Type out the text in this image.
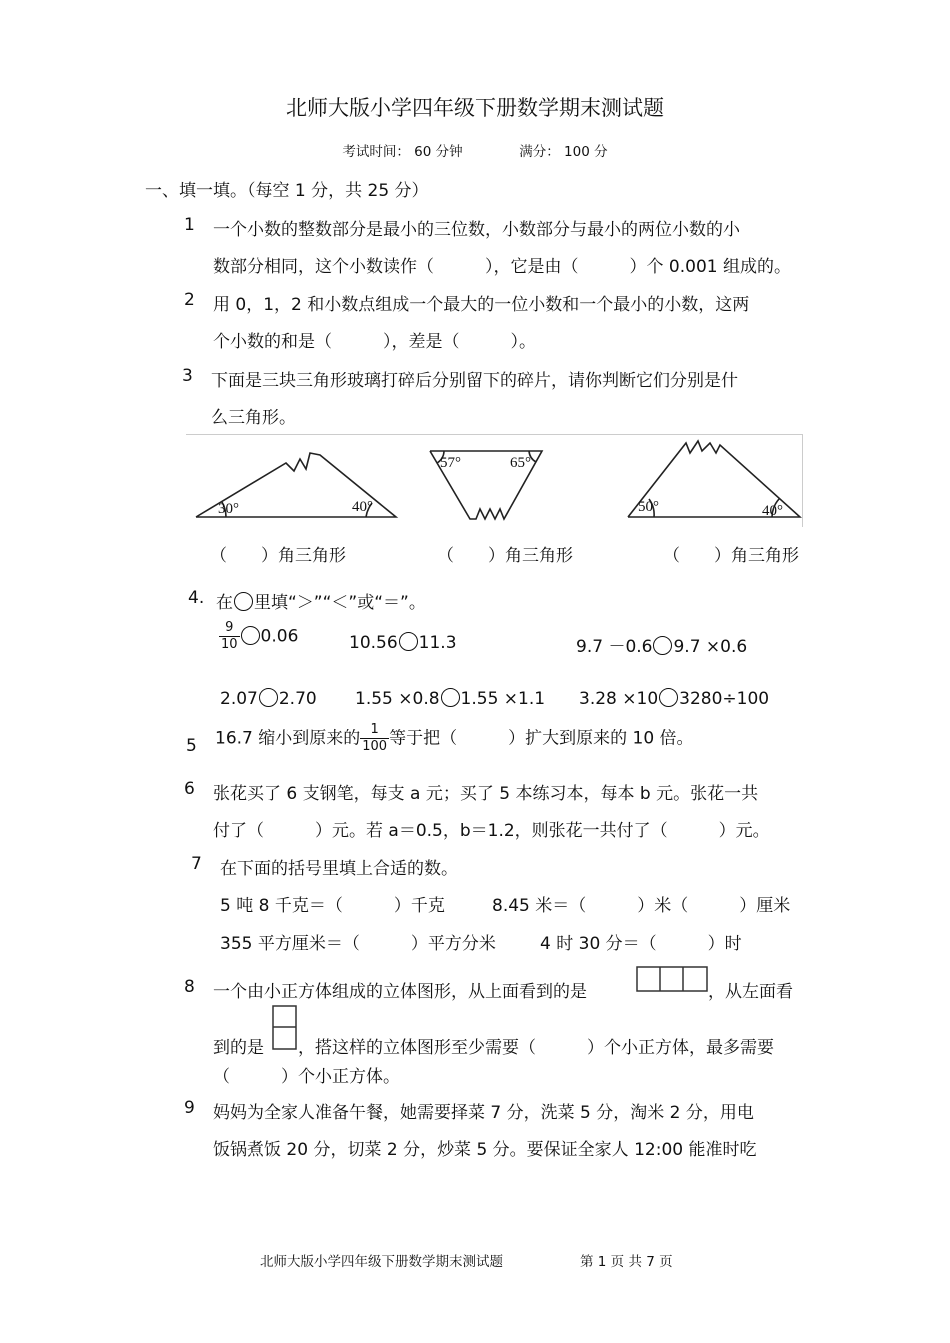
北师大版小学四年级下册数学期末测试题
考试时间： 60 分钟	满分： 100 分
一、填一填。（每空 1 分，共 25 分）
1 一个小数的整数部分是最小的三位数，小数部分与最小的两位小数的小
数部分相同，这个小数读作（　　　），它是由（　　　）个 0.001 组成的。
2 用 0，1，2 和小数点组成一个最大的一位小数和一个最小的小数，这两
个小数的和是（　　　），差是（　　　）。
3 下面是三块三角形玻璃打碎后分别留下的碎片，请你判断它们分别是什
么三角形。
30°	40°
57°	65°
50°	40°
（　　）角三角形	（　　）角三角形	（　　）角三角形
4. 在 里填“＞”“＜”或“＝”。
$\frac{9}{10} 0.06$	10.56 11.3	9.7 －0.6 9.7 ×0.6
2.07 2.70 1.55 ×0.8 1.55 ×1.1 3.28 ×10 3280÷100
5 16.7 缩小到原来的 $\frac{1}{100}$ 等于把（　　　）扩大到原来的 10 倍。
6 张花买了 6 支钢笔，每支 a 元；买了 5 本练习本，每本 b 元。张花一共
付了（　　　）元。若 a＝0.5，b＝1.2，则张花一共付了（　　　）元。
7 在下面的括号里填上合适的数。
5 吨 8 千克＝（　　　）千克	8.45 米＝（　　　）米（　　　）厘米
355 平方厘米＝（　　　）平方分米	4 时 30 分＝（　　　）时
8 一个由小正方体组成的立体图形，从上面看到的是	，从左面看
到的是 ，搭这样的立体图形至少需要（　　　）个小正方体，最多需要
（　　　）个小正方体。
9 妈妈为全家人准备午餐，她需要择菜 7 分，洗菜 5 分，淘米 2 分，用电
饭锅煮饭 20 分，切菜 2 分，炒菜 5 分。要保证全家人 12:00 能准时吃
北师大版小学四年级下册数学期末测试题	第 1 页 共 7 页
